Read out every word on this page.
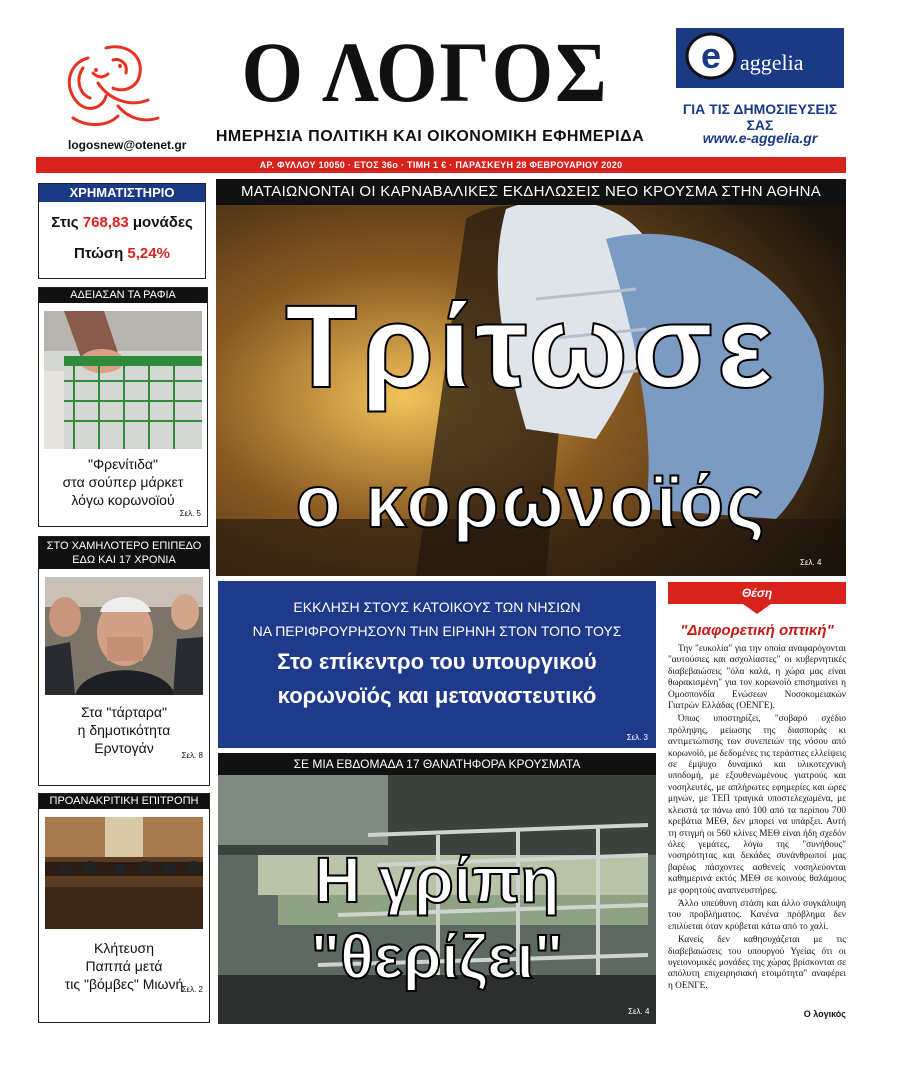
Ο ΛΟΓΟΣ
ΗΜΕΡΗΣΙΑ ΠΟΛΙΤΙΚΗ ΚΑΙ ΟΙΚΟΝΟΜΙΚΗ ΕΦΗΜΕΡΙΔΑ
logosnew@otenet.gr
e aggelia
ΓΙΑ ΤΙΣ ΔΗΜΟΣΙΕΥΣΕΙΣ ΣΑΣ
www.e-aggelia.gr
ΑΡ. ΦΥΛΛΟΥ 10050 · ΕΤΟΣ 36ο · ΤΙΜΗ 1 € · ΠΑΡΑΣΚΕΥΗ 28 ΦΕΒΡΟΥΑΡΙΟΥ 2020
ΧΡΗΜΑΤΙΣΤΗΡΙΟ
Στις 768,83 μονάδες
Πτώση 5,24%
ΑΔΕΙΑΣΑΝ ΤΑ ΡΑΦΙΑ
"Φρενίτιδα"
στα σούπερ μάρκετ
λόγω κορωνοϊού
Σελ. 5
ΣΤΟ ΧΑΜΗΛΟΤΕΡΟ ΕΠΙΠΕΔΟ
ΕΔΩ ΚΑΙ 17 ΧΡΟΝΙΑ
Στα "τάρταρα"
η δημοτικότητα
Ερντογάν	Σελ. 8
ΠΡΟΑΝΑΚΡΙΤΙΚΗ ΕΠΙΤΡΟΠΗ
Κλήτευση
Παππά μετά
τις "βόμβες" Μιωνή
Σελ. 2
ΜΑΤΑΙΩΝΟΝΤΑΙ ΟΙ ΚΑΡΝΑΒΑΛΙΚΕΣ ΕΚΔΗΛΩΣΕΙΣ ΝΕΟ ΚΡΟΥΣΜΑ ΣΤΗΝ ΑΘΗΝΑ
Τρίτωσε
ο κορωνοϊός
Σελ. 4
ΕΚΚΛΗΣΗ ΣΤΟΥΣ ΚΑΤΟΙΚΟΥΣ ΤΩΝ ΝΗΣΙΩΝ
ΝΑ ΠΕΡΙΦΡΟΥΡΗΣΟΥΝ ΤΗΝ ΕΙΡΗΝΗ ΣΤΟΝ ΤΟΠΟ ΤΟΥΣ
Στο επίκεντρο του υπουργικού
κορωνοϊός και μεταναστευτικό
Σελ. 3
ΣΕ ΜΙΑ ΕΒΔΟΜΑΔΑ 17 ΘΑΝΑΤΗΦΟΡΑ ΚΡΟΥΣΜΑΤΑ
Η γρίπη
"θερίζει"
Σελ. 4
Θέση
"Διαφορετική οπτική"

Την "ευκολία" για την οποία αναφαρόγονται "αυτούσιες και ασχολίαστες" οι κυβερνητικές διαβεβαιώσεις "όλα καλά, η χώρα μας είναι θωρακισμένη" για τον κορωνοϊό επισημαίνει η Ομοσπονδία Ενώσεων Νοσοκομειακών Γιατρών Ελλάδας (ΟΕΝΓΕ).

Όπως υποστηρίζει, "σοβαρό σχέδιο πρόληψης, μείωσης της διασποράς κι αντιμετώπισης των συνεπειών της νόσου από κορωνοϊό, με δεδομένες τις τεράστιες ελλείψεις σε έμψυχο δυναμικό και υλικοτεχνική υποδομή, με εξουθενωμένους γιατρούς και νοσηλευτές, με απλήρωτες εφημερίες και ώρες μηνών, με ΤΕΠ τραγικά υποστελεχωμένα, με κλειστά τα πάνω από 100 από τα περίπου 700 κρεβάτια ΜΕΘ, δεν μπορεί να υπάρξει. Αυτή τη στιγμή οι 560 κλίνες ΜΕΘ είναι ήδη σχεδόν όλες γεμάτες, λόγω της "συνήθους" νοσηρότητας και δεκάδες συνάνθρωποί μας βαρέως πάσχοντες ασθενείς νοσηλεύονται καθημερινά εκτός ΜΕΘ σε κοινούς θαλάμους με φορητούς αναπνευστήρες.

Άλλο υπεύθυνη στάση και άλλο συγκάλυψη του προβλήματος. Κανένα πρόβλημα δεν επιλύεται όταν κρύβεται κάτω από το χαλί.

Κανείς δεν καθησυχάζεται με τις διαβεβαιώσεις του υπουργού Υγείας ότι οι υγειονομικές μονάδες της χώρας βρίσκονται σε απόλυτη επιχειρησιακή ετοιμότητα" αναφέρει η ΟΕΝΓΕ.

Ο λογικός
